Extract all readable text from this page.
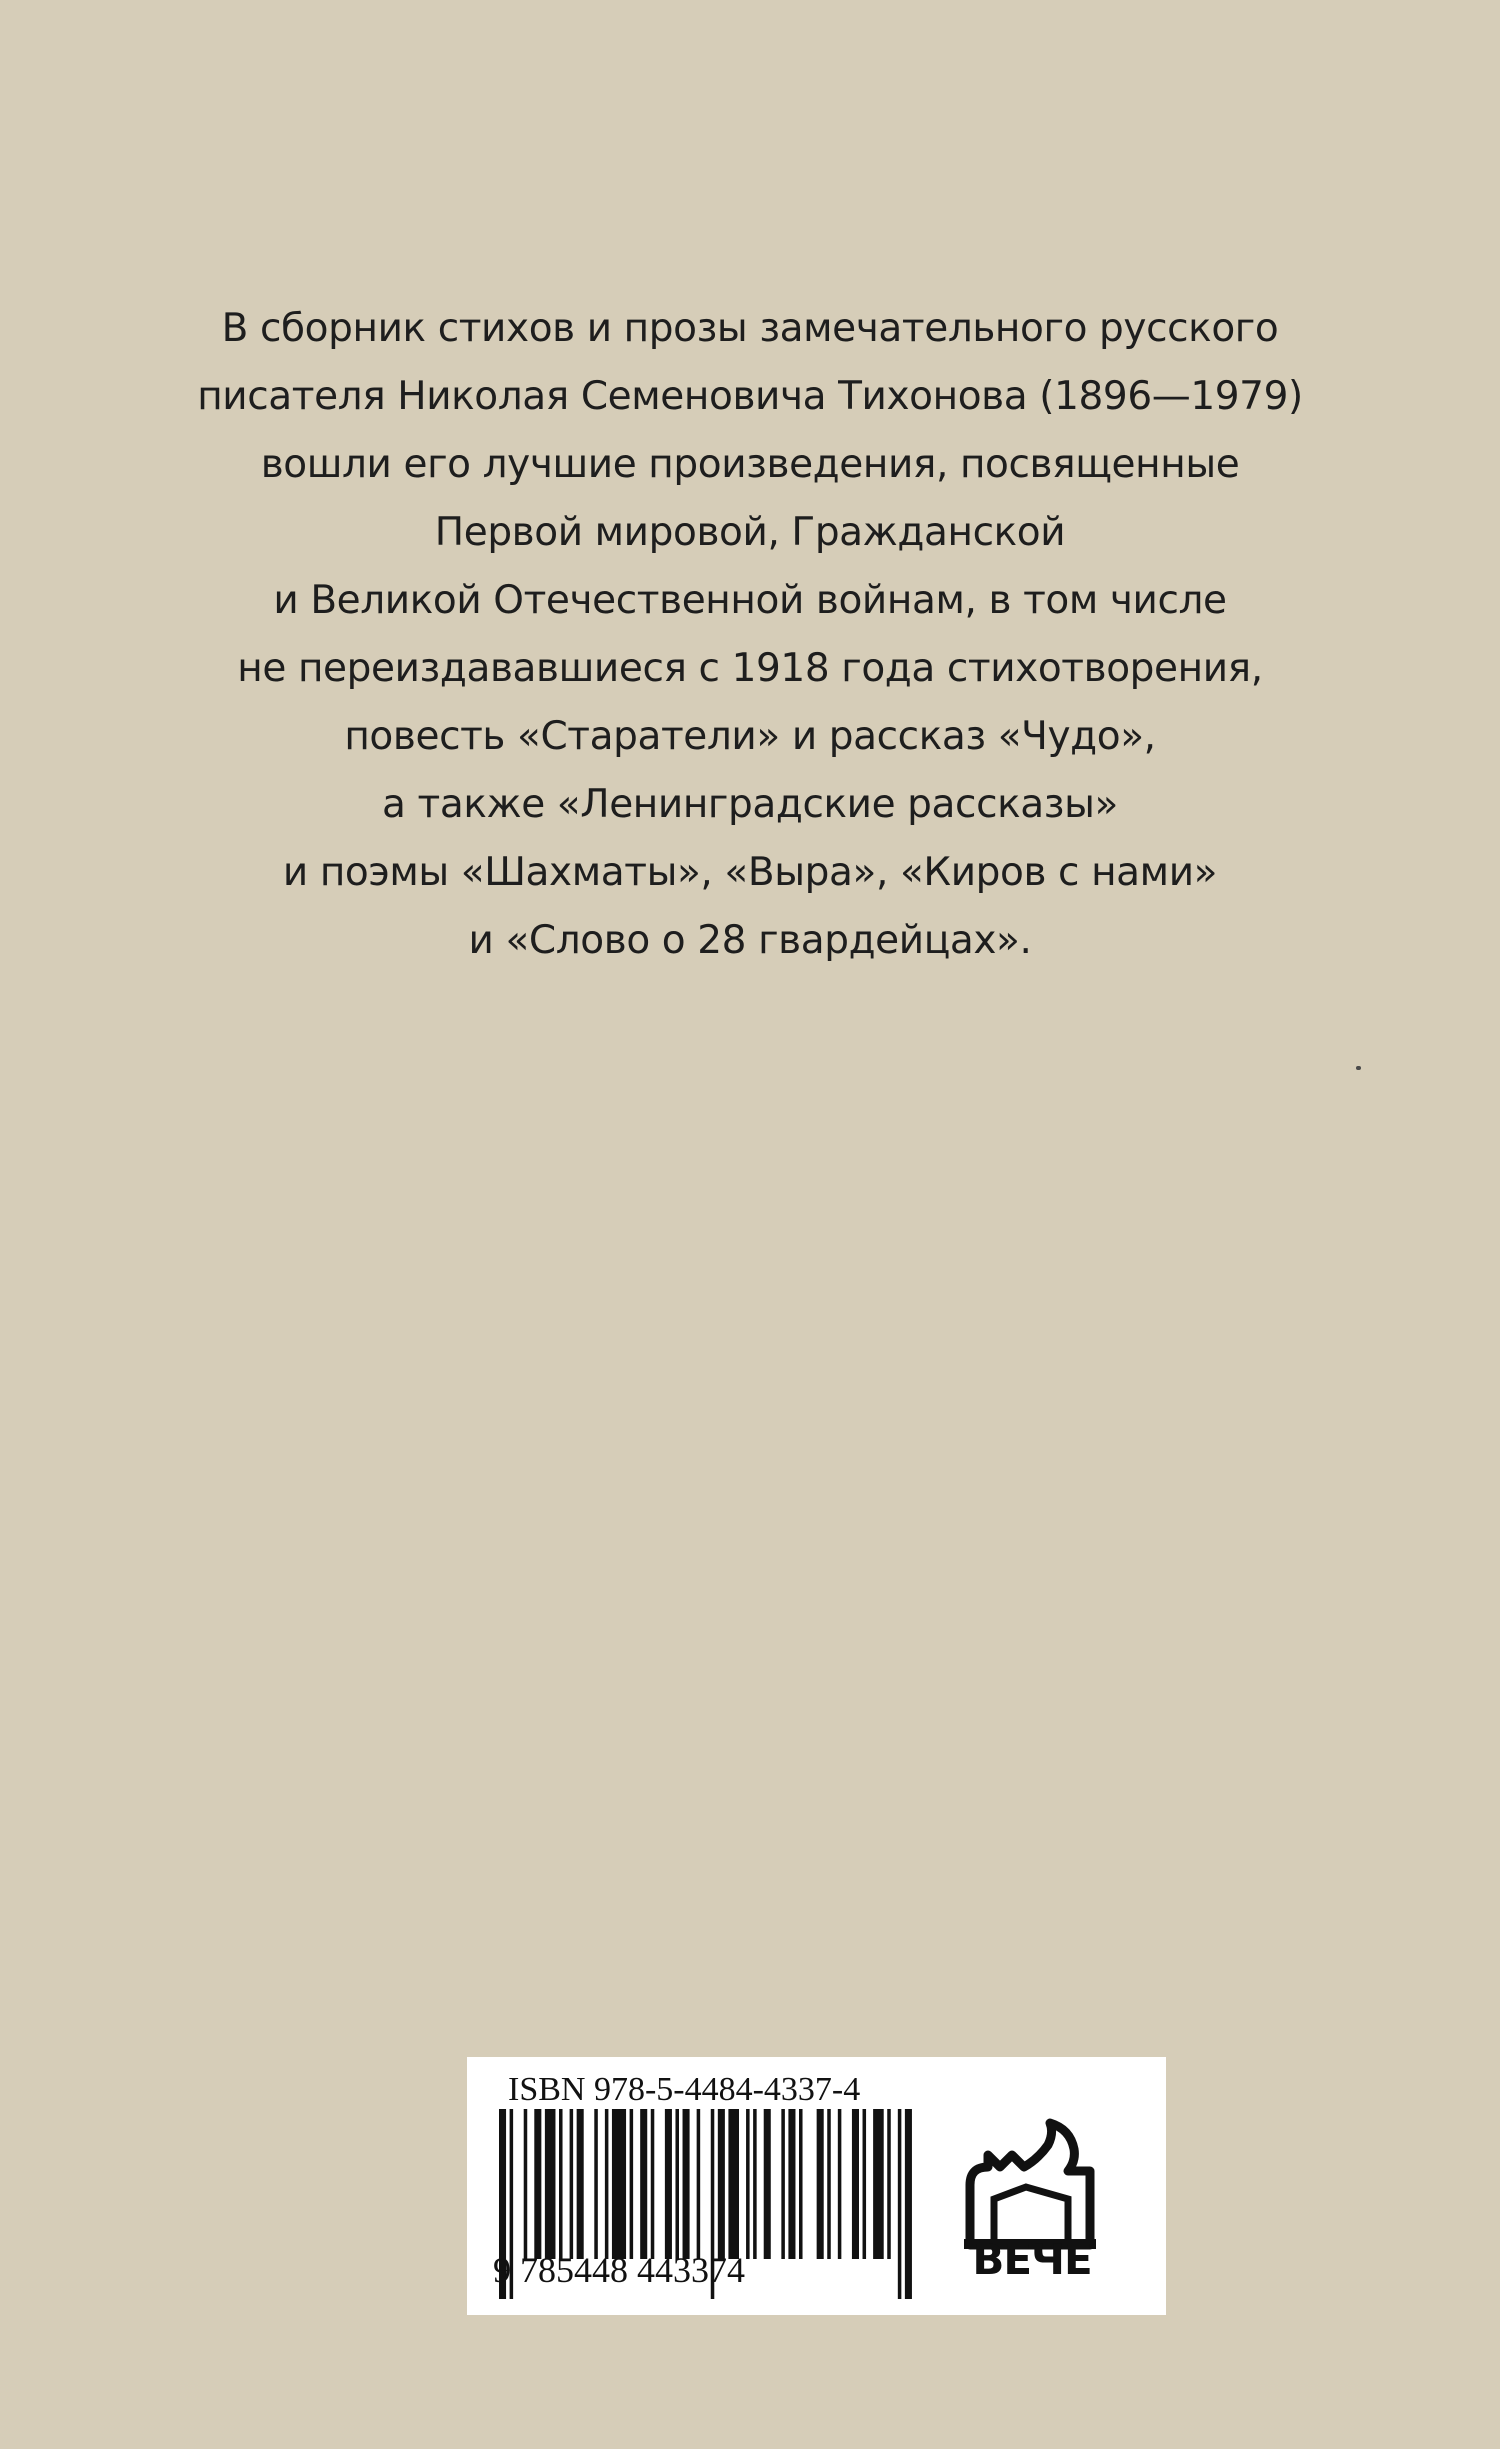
В сборник стихов и прозы замечательного русского
писателя Николая Семеновича Тихонова (1896—1979)
вошли его лучшие произведения, посвященные
Первой мировой, Гражданской
и Великой Отечественной войнам, в том числе
не переиздававшиеся с 1918 года стихотворения,
повесть «Старатели» и рассказ «Чудо»,
а также «Ленинградские рассказы»
и поэмы «Шахматы», «Выра», «Киров с нами»
и «Слово о 28 гвардейцах».
ISBN 978-5-4484-4337-4
9 785448 443374	ВЕЧЕ
